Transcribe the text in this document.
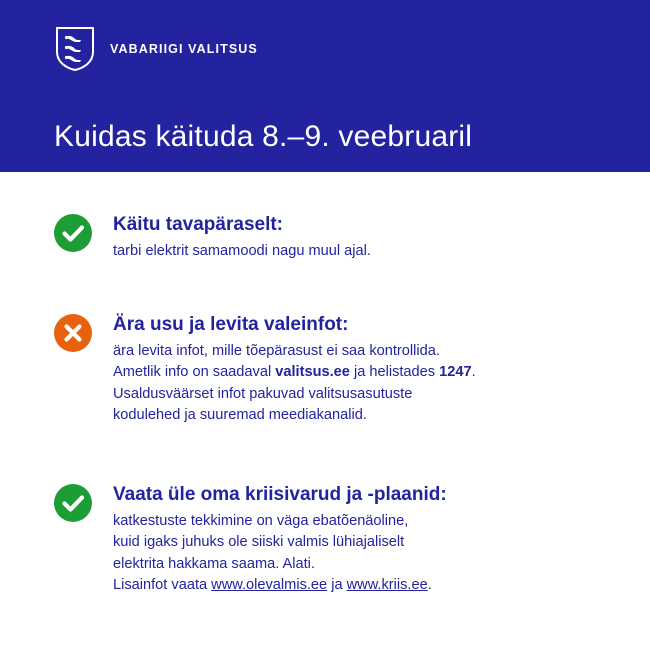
VABARIIGI VALITSUS
Kuidas käituda 8.–9. veebruaril
Käitu tavapäraselt:
tarbi elektrit samamoodi nagu muul ajal.
Ära usu ja levita valeinfot:
ära levita infot, mille tõepärasust ei saa kontrollida.
Ametlik info on saadaval valitsus.ee ja helistades 1247.
Usaldusväärset infot pakuvad valitsusasutuste
kodulehed ja suuremad meediakanalid.
Vaata üle oma kriisivarud ja -plaanid:
katkestuste tekkimine on väga ebatõenäoline,
kuid igaks juhuks ole siiski valmis lühiajaliselt
elektrita hakkama saama. Alati.
Lisainfot vaata www.olevalmis.ee ja www.kriis.ee.
